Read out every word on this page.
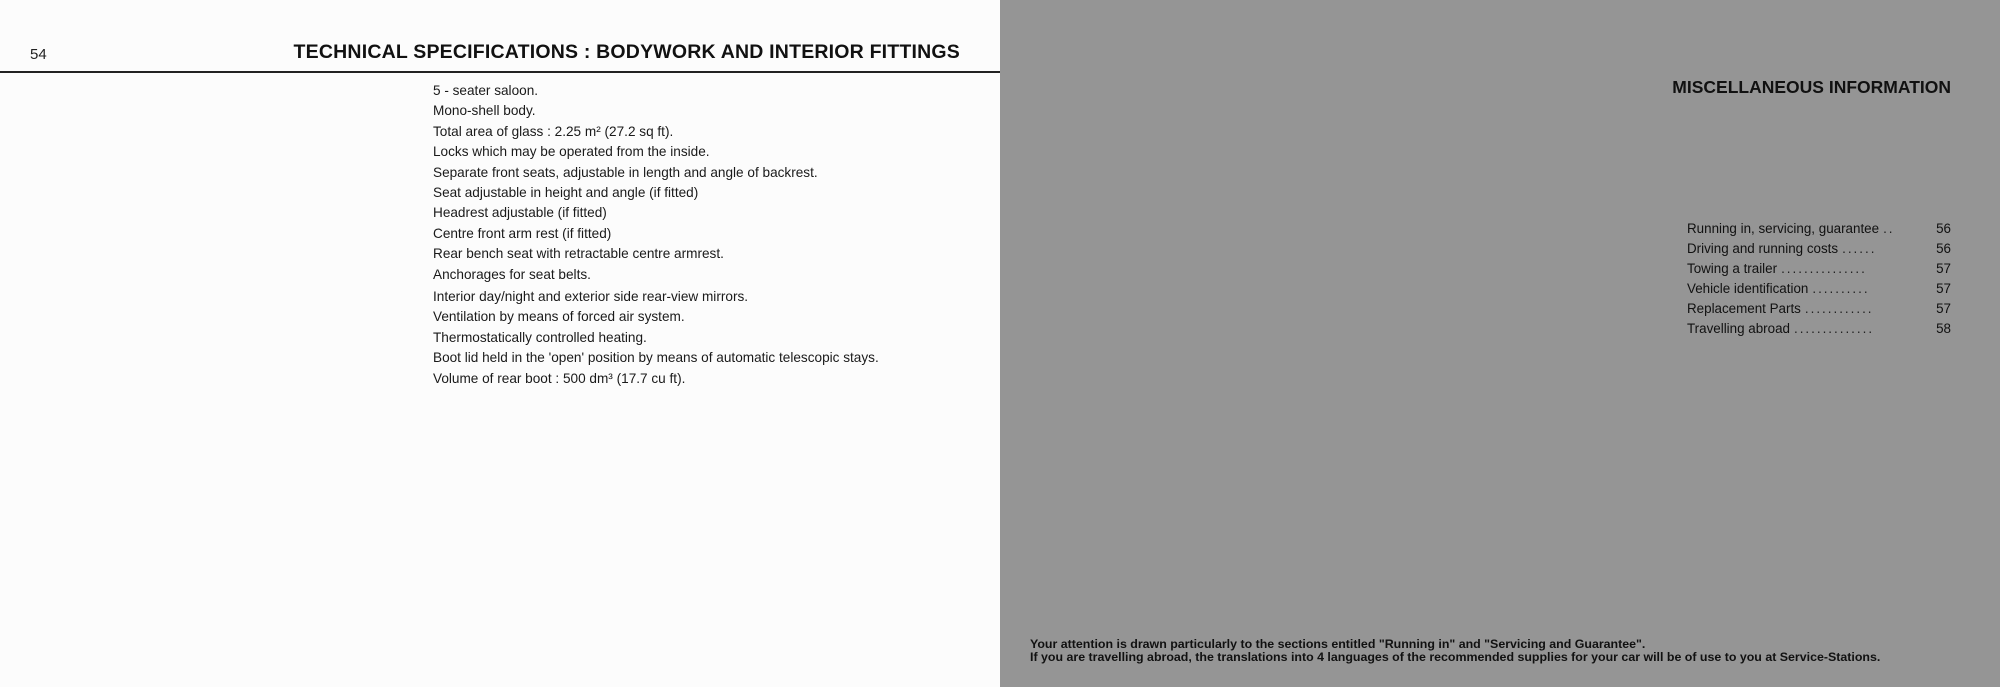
54	TECHNICAL SPECIFICATIONS : BODYWORK AND INTERIOR FITTINGS
5 - seater saloon.
Mono-shell body.
Total area of glass : 2.25 m² (27.2 sq ft).
Locks which may be operated from the inside.
Separate front seats, adjustable in length and angle of backrest.
Seat adjustable in height and angle (if fitted)
Headrest adjustable (if fitted)
Centre front arm rest (if fitted)
Rear bench seat with retractable centre armrest.
Anchorages for seat belts.
Interior day/night and exterior side rear-view mirrors.
Ventilation by means of forced air system.
Thermostatically controlled heating.
Boot lid held in the 'open' position by means of automatic telescopic stays.
Volume of rear boot : 500 dm³ (17.7 cu ft).
MISCELLANEOUS INFORMATION
Running in, servicing, guarantee ..	56
Driving and running costs ......	56
Towing a trailer ...............	57
Vehicle identification ..........	57
Replacement Parts ............	57
Travelling abroad ..............	58

Your attention is drawn particularly to the sections entitled "Running in" and "Servicing and Guarantee".

If you are travelling abroad, the translations into 4 languages of the recommended supplies for your car will be of use to you at Service-Stations.
